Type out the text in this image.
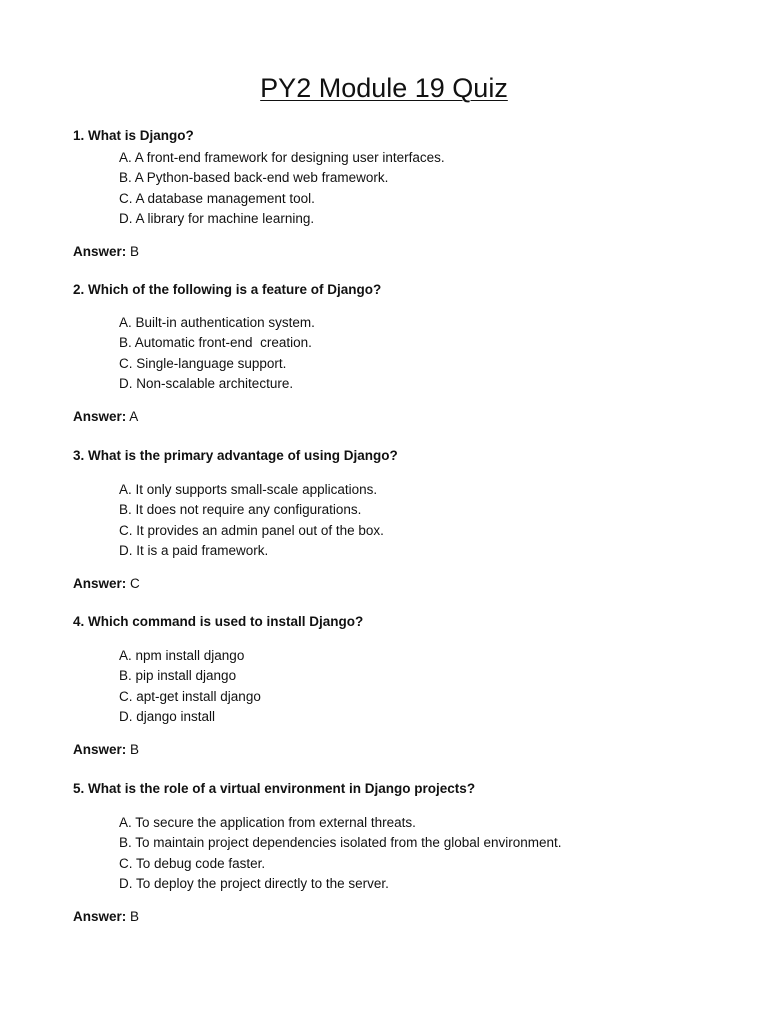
PY2 Module 19 Quiz

1. What is Django?

A. A front-end framework for designing user interfaces.
B. A Python-based back-end web framework.
C. A database management tool.
D. A library for machine learning.

Answer: B

2. Which of the following is a feature of Django?

A. Built-in authentication system.
B. Automatic front-end  creation.
C. Single-language support.
D. Non-scalable architecture.

Answer: A

3. What is the primary advantage of using Django?

A. It only supports small-scale applications.
B. It does not require any configurations.
C. It provides an admin panel out of the box.
D. It is a paid framework.

Answer: C

4. Which command is used to install Django?

A. npm install django
B. pip install django
C. apt-get install django
D. django install

Answer: B

5. What is the role of a virtual environment in Django projects?

A. To secure the application from external threats.
B. To maintain project dependencies isolated from the global environment.
C. To debug code faster.
D. To deploy the project directly to the server.

Answer: B
